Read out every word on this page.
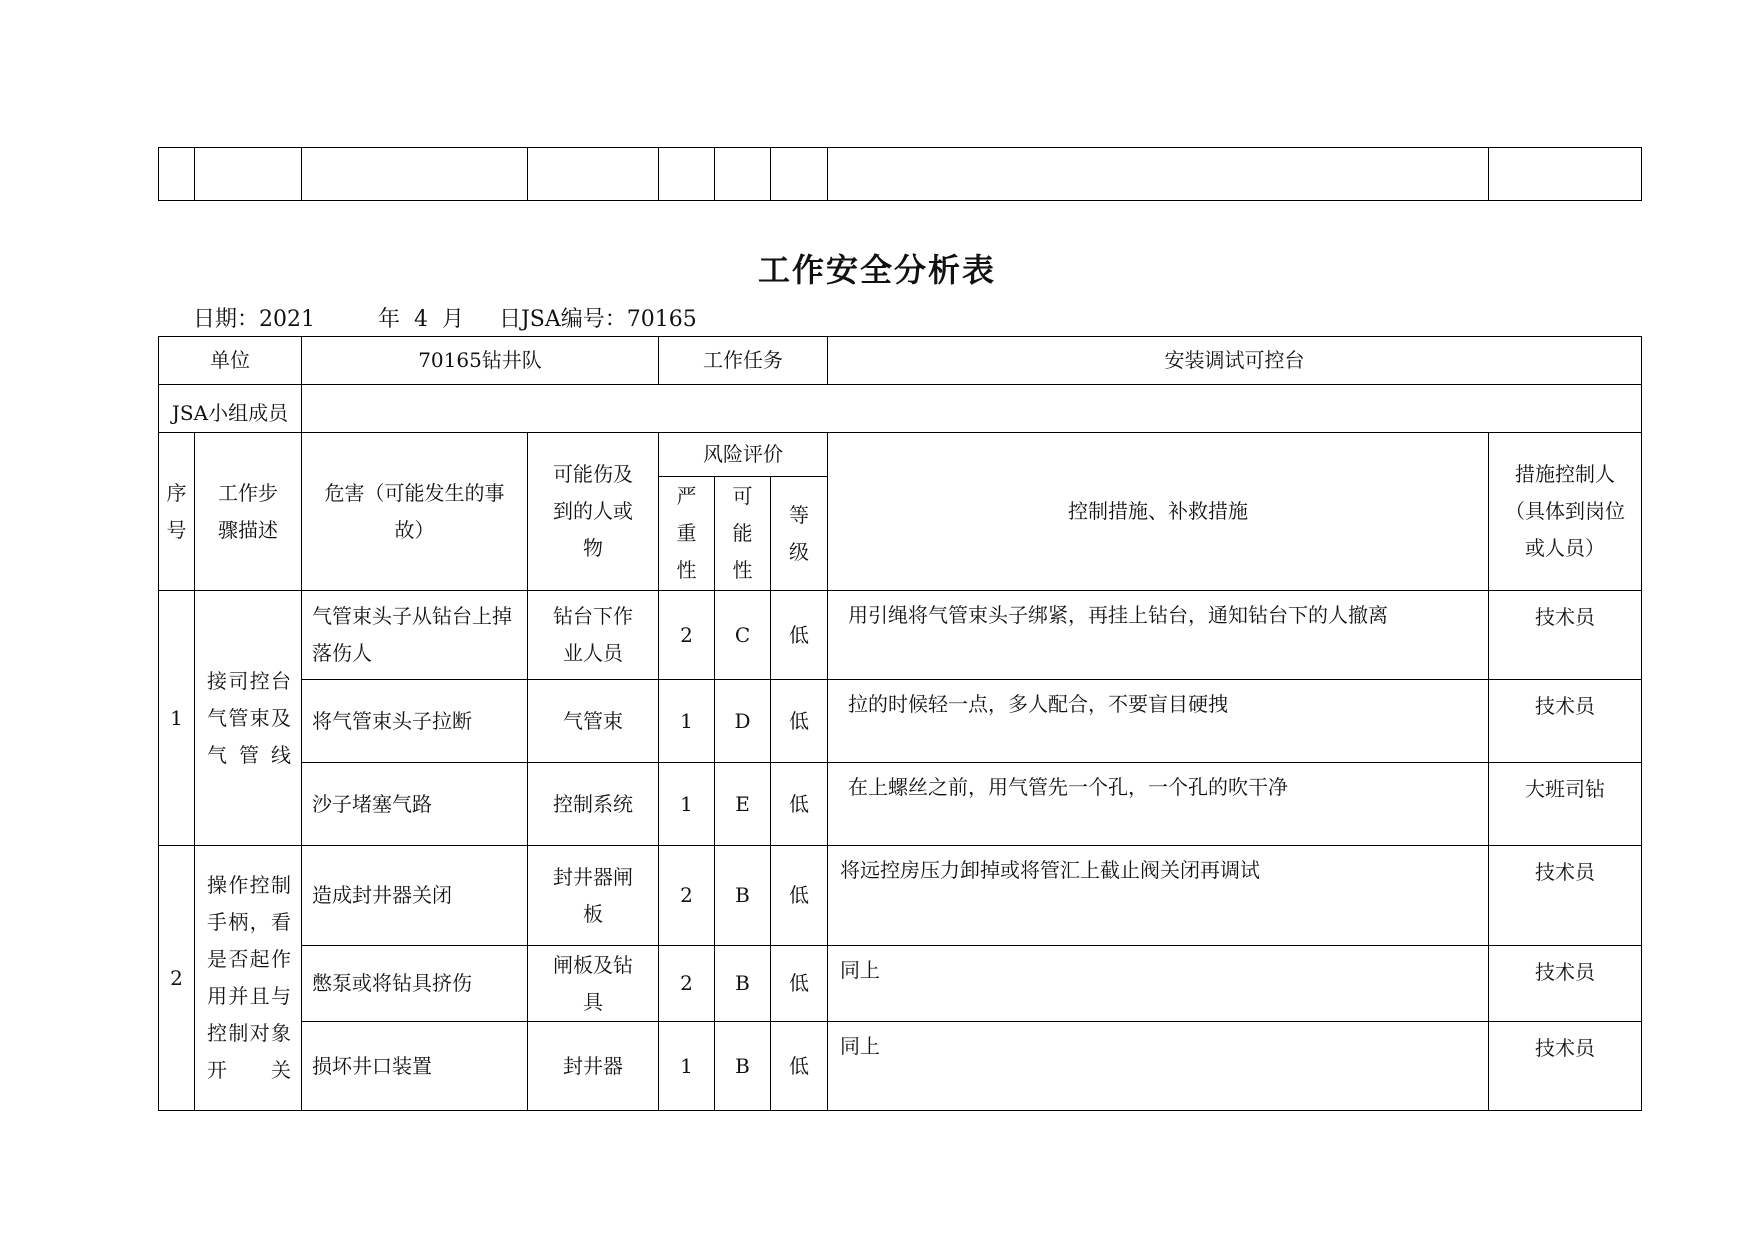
工作安全分析表
日期：2021	年 4 月 日JSA编号：70165
单位		70165钻井队		工作任务			安装调试可控台	
JSA小组成员								
序号	工作步骤描述	危害（可能发生的事故）	可能伤及到的人或物	风险评价			控制措施、补救措施	措施控制人（具体到岗位或人员）
				严重性	可能性	等级		
1	接司控台气管束及气管线	气管束头子从钻台上掉落伤人	钻台下作业人员	2	C	低	用引绳将气管束头子绑紧，再挂上钻台，通知钻台下的人撤离	技术员
		将气管束头子拉断	气管束	1	D	低	拉的时候轻一点，多人配合，不要盲目硬拽	技术员
		沙子堵塞气路	控制系统	1	E	低	在上螺丝之前，用气管先一个孔，一个孔的吹干净	大班司钻
2	操作控制手柄，看是否起作用并且与控制对象开关	造成封井器关闭	封井器闸板	2	B	低	将远控房压力卸掉或将管汇上截止阀关闭再调试	技术员
		憋泵或将钻具挤伤	闸板及钻具	2	B	低	同上	技术员
		损坏井口装置	封井器	1	B	低	同上	技术员
